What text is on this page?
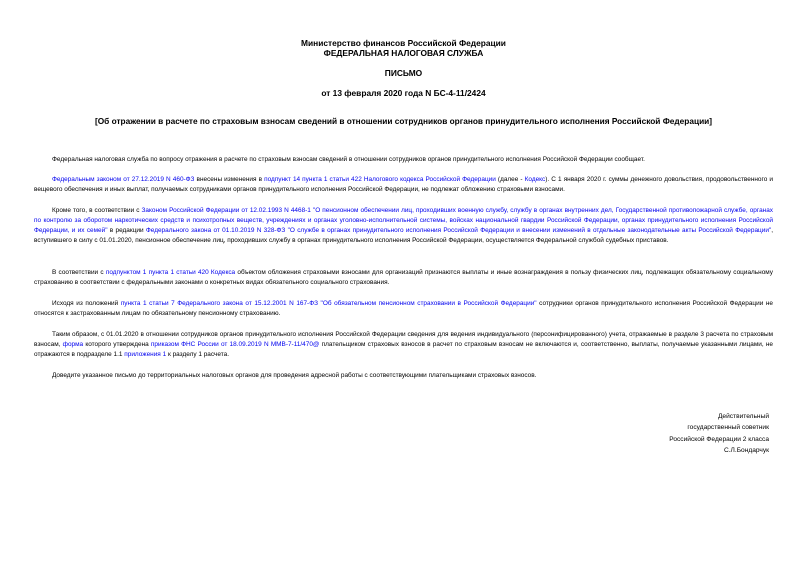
Министерство финансов Российской Федерации
ФЕДЕРАЛЬНАЯ НАЛОГОВАЯ СЛУЖБА
ПИСЬМО
от 13 февраля 2020 года N БС-4-11/2424
[Об отражении в расчете по страховым взносам сведений в отношении сотрудников органов принудительного исполнения Российской Федерации]
Федеральная налоговая служба по вопросу отражения в расчете по страховым взносам сведений в отношении сотрудников органов принудительного исполнения Российской Федерации сообщает.
Федеральным законом от 27.12.2019 N 460-ФЗ внесены изменения в подпункт 14 пункта 1 статьи 422 Налогового кодекса Российской Федерации (далее - Кодекс). С 1 января 2020 г. суммы денежного довольствия, продовольственного и вещевого обеспечения и иных выплат, получаемых сотрудниками органов принудительного исполнения Российской Федерации, не подлежат обложению страховыми взносами.
Кроме того, в соответствии с Законом Российской Федерации от 12.02.1993 N 4468-1 "О пенсионном обеспечении лиц, проходивших военную службу, службу в органах внутренних дел, Государственной противопожарной службе, органах по контролю за оборотом наркотических средств и психотропных веществ, учреждениях и органах уголовно-исполнительной системы, войсках национальной гвардии Российской Федерации, органах принудительного исполнения Российской Федерации, и их семей" в редакции Федерального закона от 01.10.2019 N 328-ФЗ "О службе в органах принудительного исполнения Российской Федерации и внесении изменений в отдельные законодательные акты Российской Федерации", вступившего в силу с 01.01.2020, пенсионное обеспечение лиц, проходивших службу в органах принудительного исполнения Российской Федерации, осуществляется Федеральной службой судебных приставов.
В соответствии с подпунктом 1 пункта 1 статьи 420 Кодекса объектом обложения страховыми взносами для организаций признаются выплаты и иные вознаграждения в пользу физических лиц, подлежащих обязательному социальному страхованию в соответствии с федеральными законами о конкретных видах обязательного социального страхования.
Исходя из положений пункта 1 статьи 7 Федерального закона от 15.12.2001 N 167-ФЗ "Об обязательном пенсионном страховании в Российской Федерации" сотрудники органов принудительного исполнения Российской Федерации не относятся к застрахованным лицам по обязательному пенсионному страхованию.
Таким образом, с 01.01.2020 в отношении сотрудников органов принудительного исполнения Российской Федерации сведения для ведения индивидуального (персонифицированного) учета, отражаемые в разделе 3 расчета по страховым взносам, форма которого утверждена приказом ФНС России от 18.09.2019 N ММВ-7-11/470@ плательщиком страховых взносов в расчет по страховым взносам не включаются и, соответственно, выплаты, получаемые указанными лицами, не отражаются в подразделе 1.1 приложения 1 к разделу 1 расчета.
Доведите указанное письмо до территориальных налоговых органов для проведения адресной работы с соответствующими плательщиками страховых взносов.
Действительный
государственный советник
Российской Федерации 2 класса
С.Л.Бондарчук
